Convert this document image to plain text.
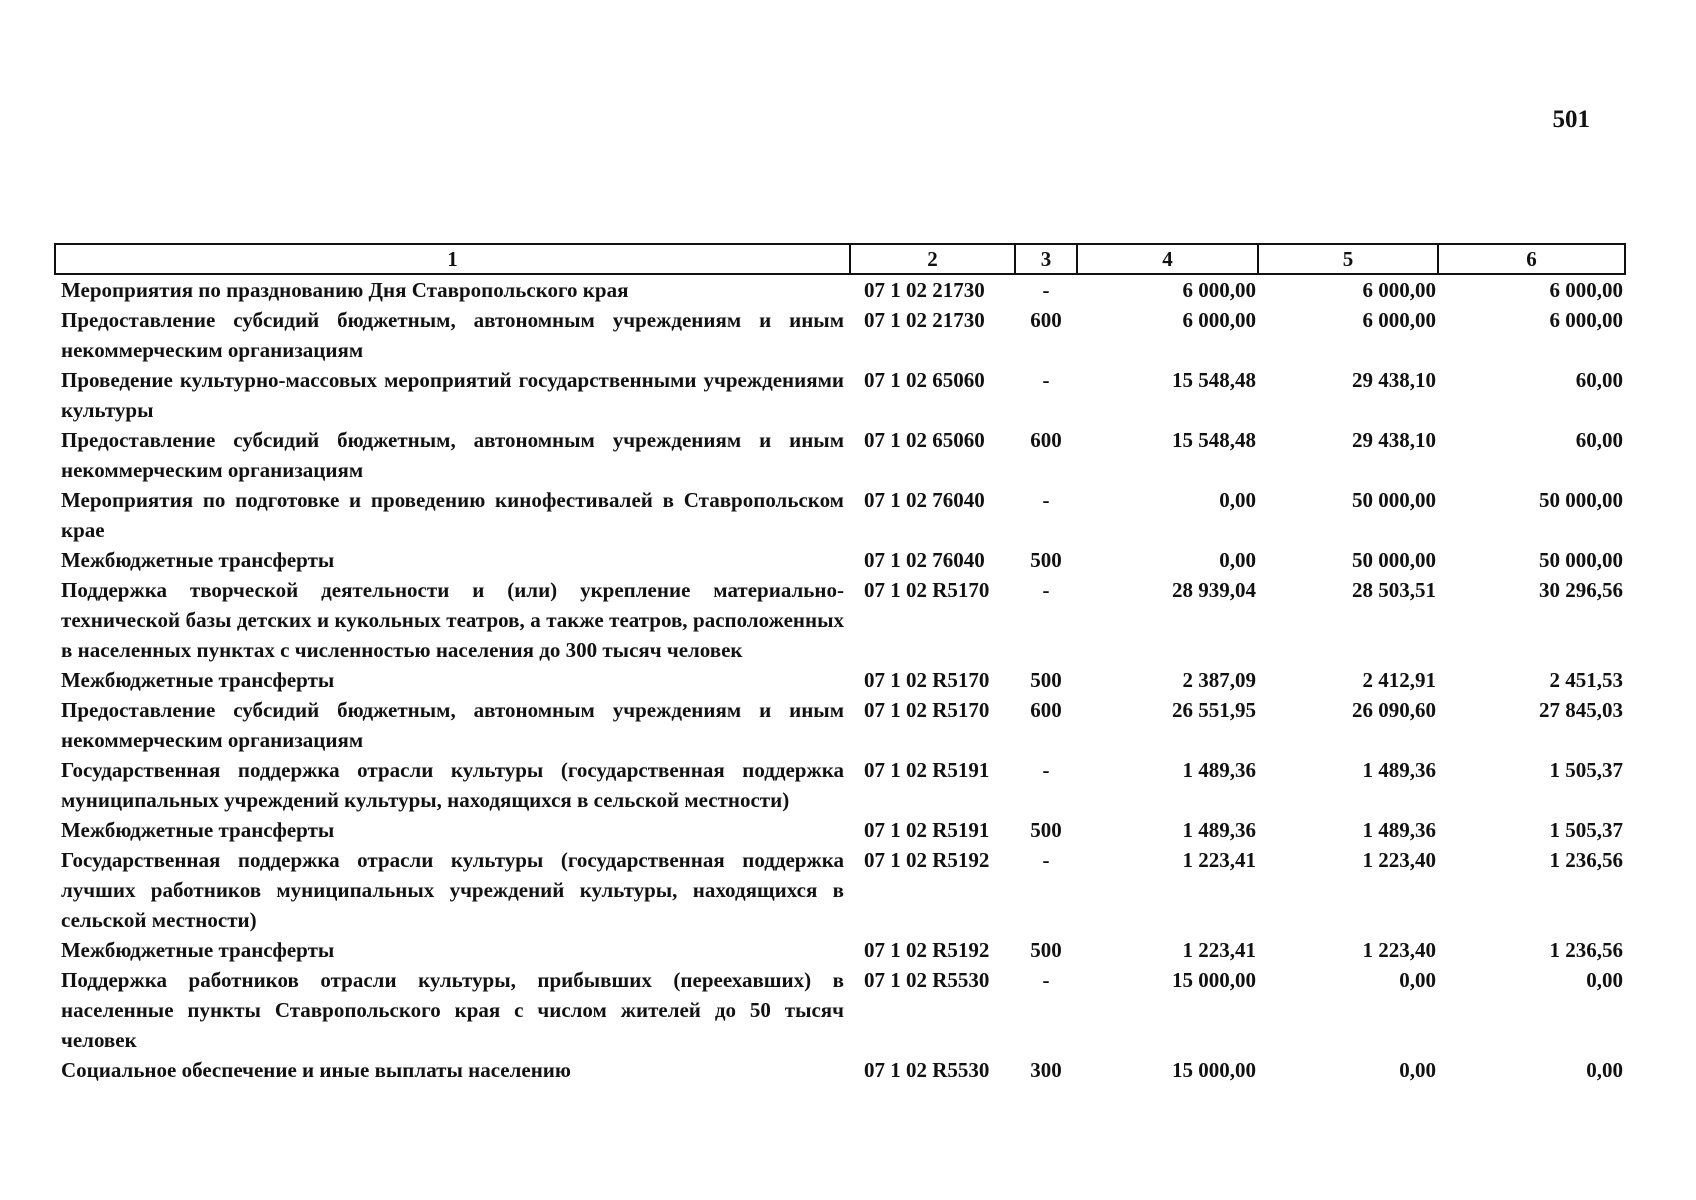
501
1	2	3	4	5	6
Мероприятия по празднованию Дня Ставропольского края	07 1 02 21730	-	6 000,00	6 000,00	6 000,00
Предоставление субсидий бюджетным, автономным учреждениям и иным некоммерческим организациям	07 1 02 21730	600	6 000,00	6 000,00	6 000,00
Проведение культурно-массовых мероприятий государственными учреждениями культуры	07 1 02 65060	-	15 548,48	29 438,10	60,00
Предоставление субсидий бюджетным, автономным учреждениям и иным некоммерческим организациям	07 1 02 65060	600	15 548,48	29 438,10	60,00
Мероприятия по подготовке и проведению кинофестивалей в Ставропольском крае	07 1 02 76040	-	0,00	50 000,00	50 000,00
Межбюджетные трансферты	07 1 02 76040	500	0,00	50 000,00	50 000,00
Поддержка творческой деятельности и (или) укрепление материально-технической базы детских и кукольных театров, а также театров, расположенных в населенных пунктах с численностью населения до 300 тысяч человек	07 1 02 R5170	-	28 939,04	28 503,51	30 296,56
Межбюджетные трансферты	07 1 02 R5170	500	2 387,09	2 412,91	2 451,53
Предоставление субсидий бюджетным, автономным учреждениям и иным некоммерческим организациям	07 1 02 R5170	600	26 551,95	26 090,60	27 845,03
Государственная поддержка отрасли культуры (государственная поддержка муниципальных учреждений культуры, находящихся в сельской местности)	07 1 02 R5191	-	1 489,36	1 489,36	1 505,37
Межбюджетные трансферты	07 1 02 R5191	500	1 489,36	1 489,36	1 505,37
Государственная поддержка отрасли культуры (государственная поддержка лучших работников муниципальных учреждений культуры, находящихся в сельской местности)	07 1 02 R5192	-	1 223,41	1 223,40	1 236,56
Межбюджетные трансферты	07 1 02 R5192	500	1 223,41	1 223,40	1 236,56
Поддержка работников отрасли культуры, прибывших (переехавших) в населенные пункты Ставропольского края с числом жителей до 50 тысяч человек	07 1 02 R5530	-	15 000,00	0,00	0,00
Социальное обеспечение и иные выплаты населению	07 1 02 R5530	300	15 000,00	0,00	0,00
